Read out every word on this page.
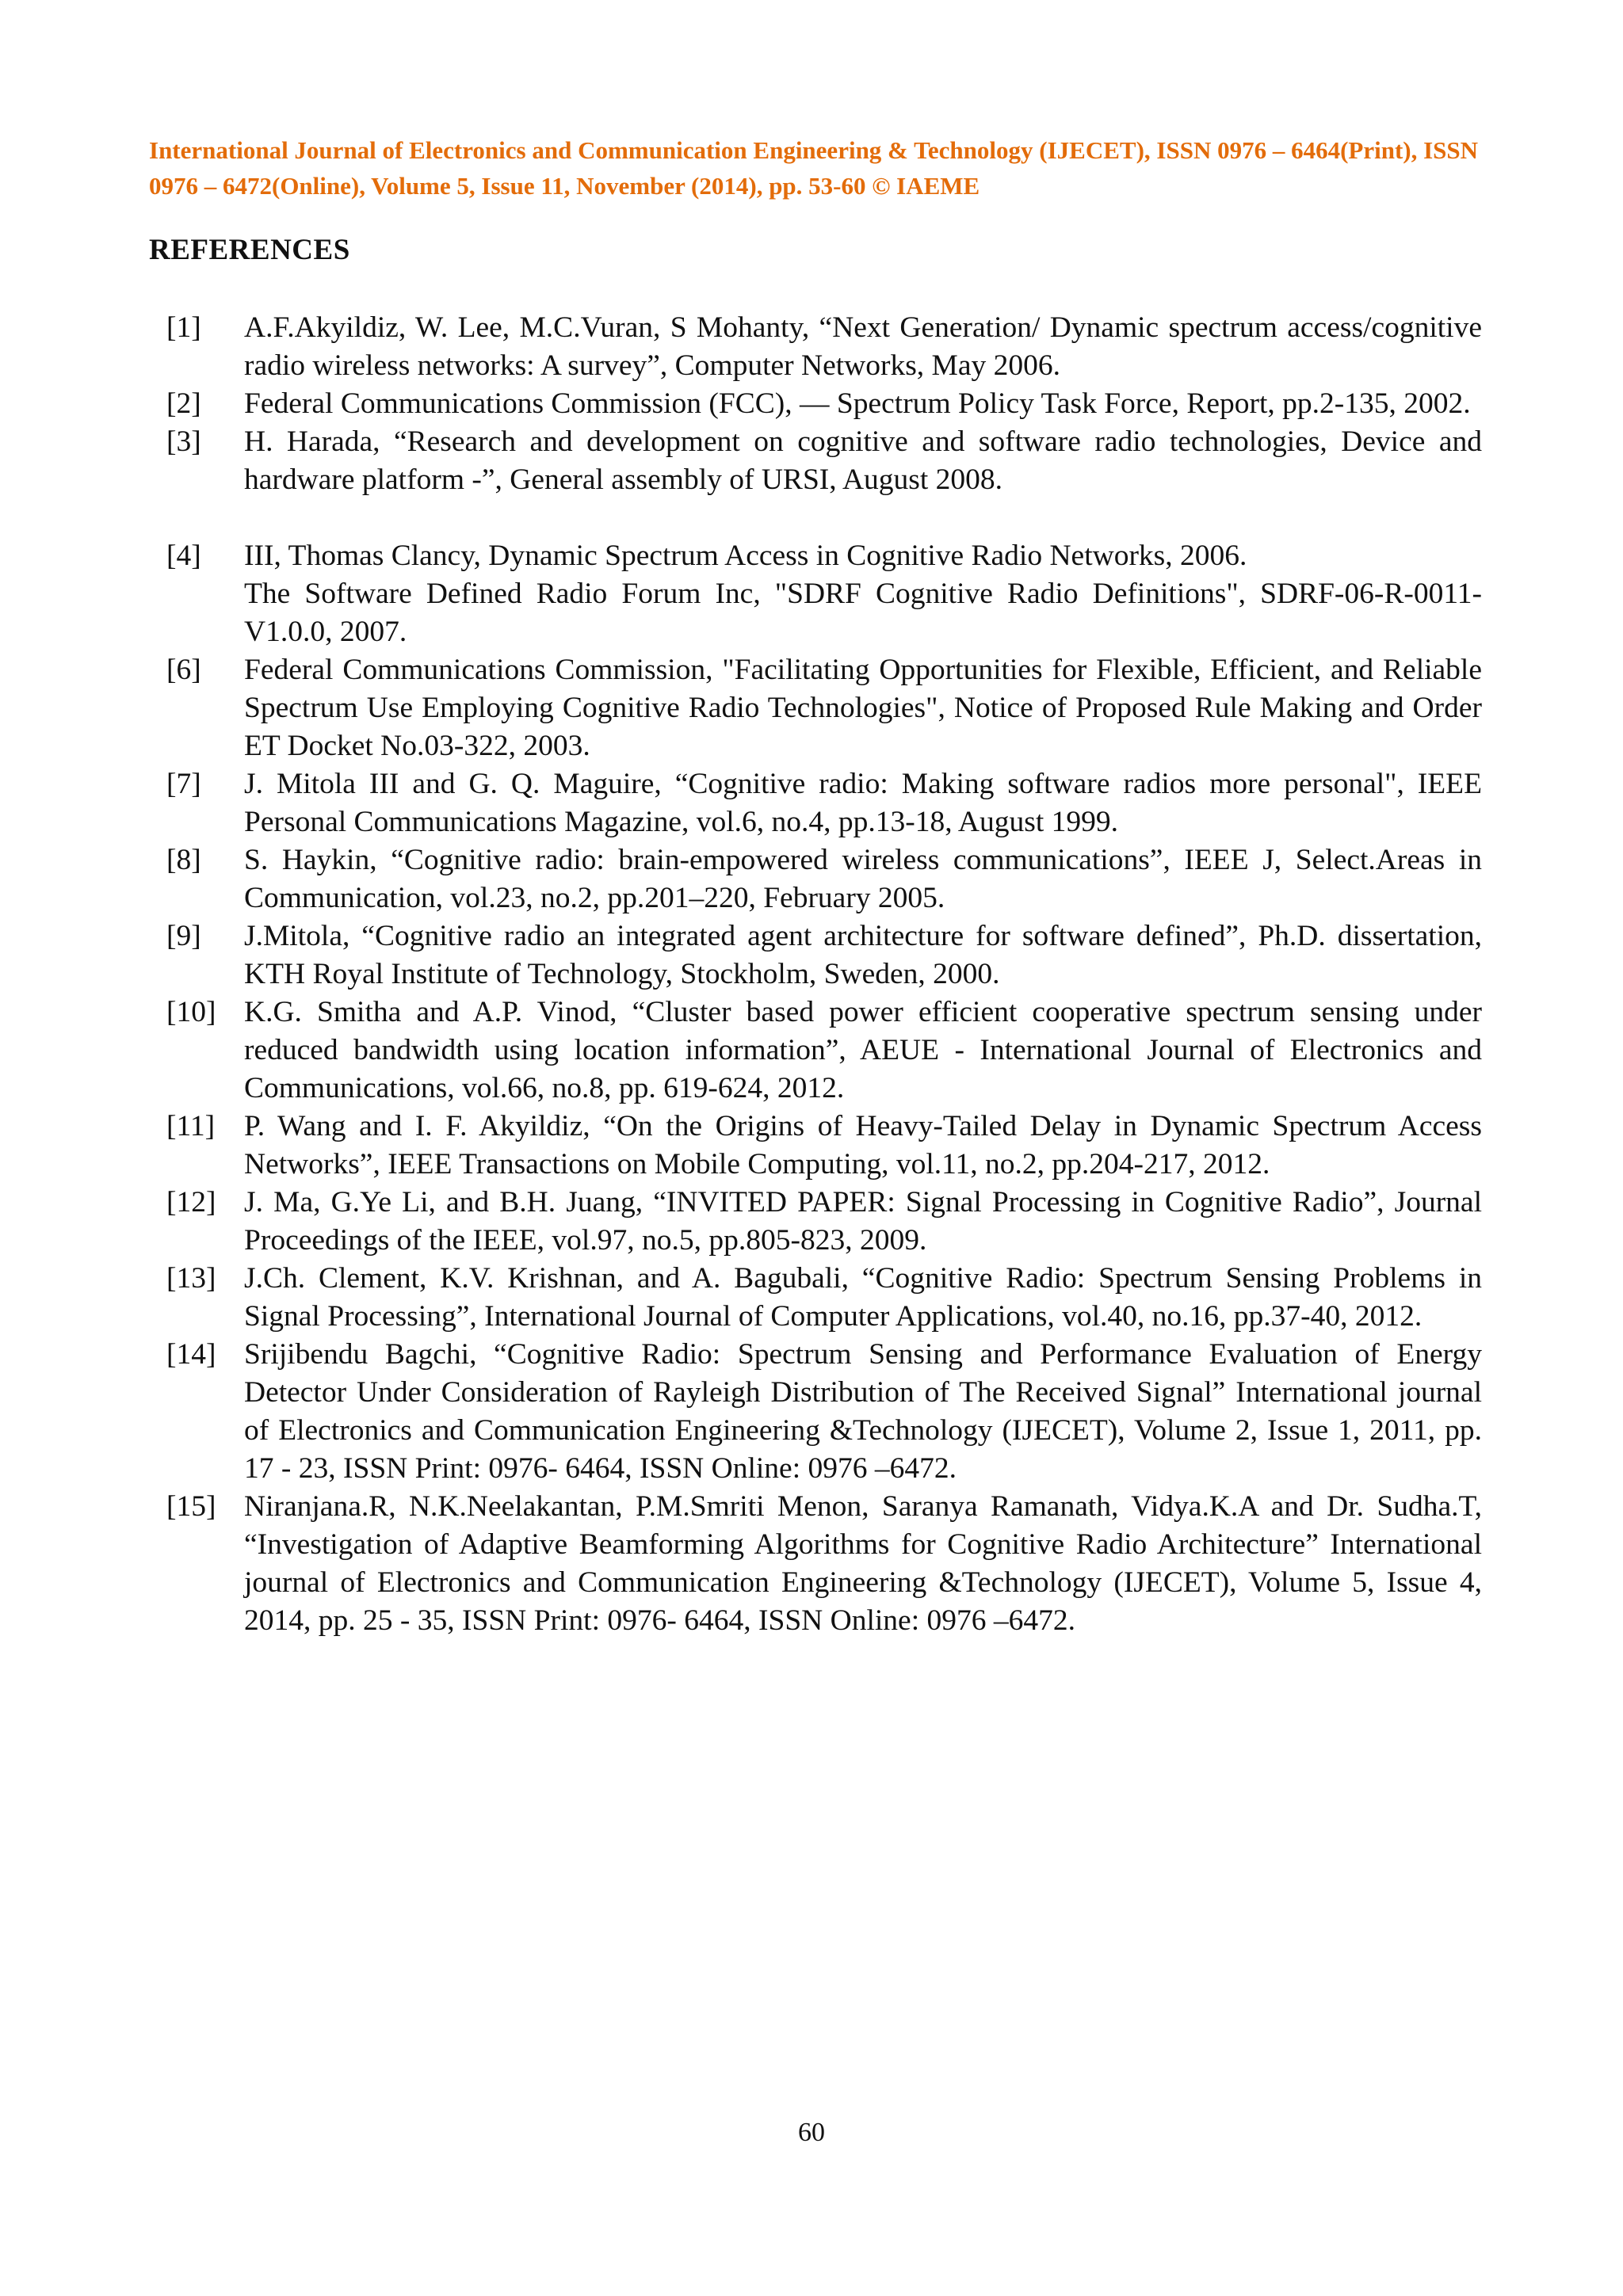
International Journal of Electronics and Communication Engineering & Technology (IJECET), ISSN 0976 – 6464(Print), ISSN 0976 – 6472(Online), Volume 5, Issue 11, November (2014), pp. 53-60 © IAEME
REFERENCES
[1]	A.F.Akyildiz, W. Lee, M.C.Vuran, S Mohanty, “Next Generation/ Dynamic spectrum access/cognitive radio wireless networks: A survey”, Computer Networks, May 2006.
[2]	Federal Communications Commission (FCC), ― Spectrum Policy Task Force, Report, pp.2-135, 2002.
[3]	H. Harada, “Research and development on cognitive and software radio technologies, Device and hardware platform -”, General assembly of URSI, August 2008.
[4]	III, Thomas Clancy, Dynamic Spectrum Access in Cognitive Radio Networks, 2006.
The Software Defined Radio Forum Inc, "SDRF Cognitive Radio Definitions", SDRF-06-R-0011-V1.0.0, 2007.
[6]	Federal Communications Commission, "Facilitating Opportunities for Flexible, Efficient, and Reliable Spectrum Use Employing Cognitive Radio Technologies", Notice of Proposed Rule Making and Order ET Docket No.03-322, 2003.
[7]	J. Mitola III and G. Q. Maguire, “Cognitive radio: Making software radios more personal", IEEE Personal Communications Magazine, vol.6, no.4, pp.13-18, August 1999.
[8]	S. Haykin, “Cognitive radio: brain-empowered wireless communications”, IEEE J, Select.Areas in Communication, vol.23, no.2, pp.201–220, February 2005.
[9]	J.Mitola, “Cognitive radio an integrated agent architecture for software defined”, Ph.D. dissertation, KTH Royal Institute of Technology, Stockholm, Sweden, 2000.
[10] K.G. Smitha and A.P. Vinod, “Cluster based power efficient cooperative spectrum sensing under reduced bandwidth using location information”, AEUE - International Journal of Electronics and Communications, vol.66, no.8, pp. 619-624, 2012.
[11] P. Wang and I. F. Akyildiz, “On the Origins of Heavy-Tailed Delay in Dynamic Spectrum Access Networks”, IEEE Transactions on Mobile Computing, vol.11, no.2, pp.204-217, 2012.
[12] J. Ma, G.Ye Li, and B.H. Juang, “INVITED PAPER: Signal Processing in Cognitive Radio”, Journal Proceedings of the IEEE, vol.97, no.5, pp.805-823, 2009.
[13] J.Ch. Clement, K.V. Krishnan, and A. Bagubali, “Cognitive Radio: Spectrum Sensing Problems in Signal Processing”, International Journal of Computer Applications, vol.40, no.16, pp.37-40, 2012.
[14] Srijibendu Bagchi, “Cognitive Radio: Spectrum Sensing and Performance Evaluation of Energy Detector Under Consideration of Rayleigh Distribution of The Received Signal” International journal of Electronics and Communication Engineering &Technology (IJECET), Volume 2, Issue 1, 2011, pp. 17 - 23, ISSN Print: 0976- 6464, ISSN Online: 0976 –6472.
[15] Niranjana.R, N.K.Neelakantan, P.M.Smriti Menon, Saranya Ramanath, Vidya.K.A and Dr. Sudha.T, “Investigation of Adaptive Beamforming Algorithms for Cognitive Radio Architecture” International journal of Electronics and Communication Engineering &Technology (IJECET), Volume 5, Issue 4, 2014, pp. 25 - 35, ISSN Print: 0976- 6464, ISSN Online: 0976 –6472.
60
